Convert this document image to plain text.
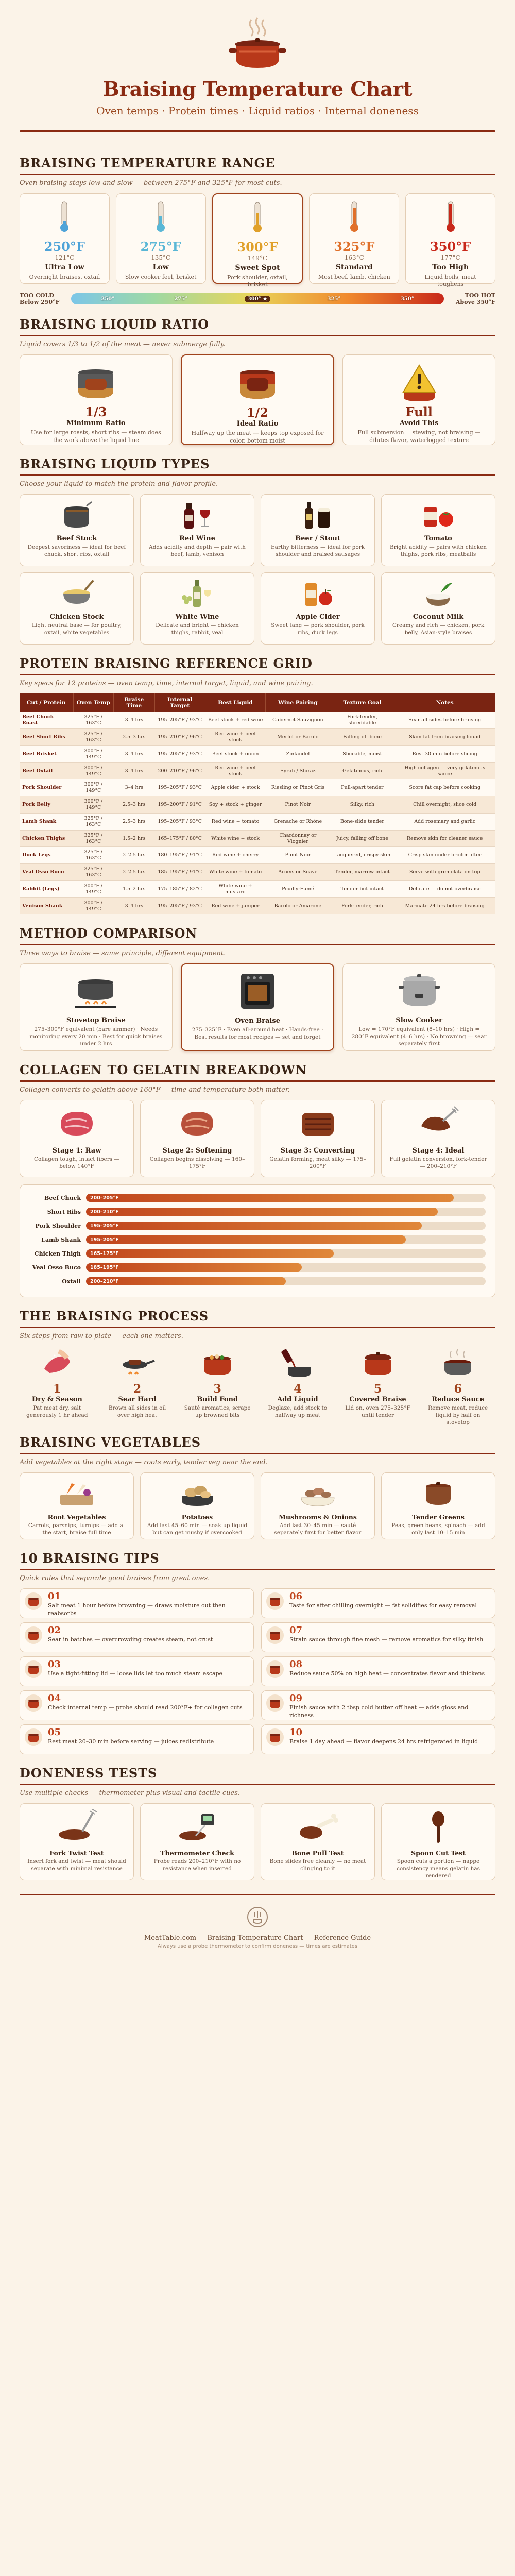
Braising Temperature Chart
Oven temps · Protein times · Liquid ratios · Internal doneness
BRAISING TEMPERATURE RANGE
Oven braising stays low and slow — between 275°F and 325°F for most cuts.
250°F
121°C
Ultra Low
Overnight braises, oxtail
275°F
135°C
Low
Slow cooker feel, brisket
300°F
149°C
Sweet Spot
Pork shoulder, oxtail, brisket
325°F
163°C
Standard
Most beef, lamb, chicken
350°F
177°C
Too High
Liquid boils, meat toughens
TOO COLD Below 250°F	250°	275°	300° ★	325°	350°
TOO HOT Above 350°F
BRAISING LIQUID RATIO
Liquid covers 1/3 to 1/2 of the meat — never submerge fully.
1/3
Minimum Ratio
Use for large roasts, short ribs — steam does the work above the liquid line
1/2
Ideal Ratio
Halfway up the meat — keeps top exposed for color, bottom moist
Full
Avoid This
Full submersion = stewing, not braising — dilutes flavor, waterlogged texture
BRAISING LIQUID TYPES
Choose your liquid to match the protein and flavor profile.
Beef Stock
Deepest savoriness — ideal for beef chuck, short ribs, oxtail
Red Wine
Adds acidity and depth — pair with beef, lamb, venison
Beer / Stout
Earthy bitterness — ideal for pork shoulder and braised sausages
Tomato
Bright acidity — pairs with chicken thighs, pork ribs, meatballs
Chicken Stock
Light neutral base — for poultry, oxtail, white vegetables
White Wine
Delicate and bright — chicken thighs, rabbit, veal
Apple Cider
Sweet tang — pork shoulder, pork ribs, duck legs
Coconut Milk
Creamy and rich — chicken, pork belly, Asian-style braises
PROTEIN BRAISING REFERENCE GRID
Key specs for 12 proteins — oven temp, time, internal target, liquid, and wine pairing.
Cut / Protein	Oven Temp	Braise Time	Internal Target	Best Liquid	Wine Pairing	Texture Goal	Notes
Beef Chuck Roast	325°F / 163°C	3–4 hrs	195–205°F / 93°C	Beef stock + red wine	Cabernet Sauvignon	Fork-tender, shreddable	Sear all sides before braising
Beef Short Ribs	325°F / 163°C	2.5–3 hrs	195–210°F / 96°C	Red wine + beef stock	Merlot or Barolo	Falling off bone	Skim fat from braising liquid
Beef Brisket	300°F / 149°C	3–4 hrs	195–205°F / 93°C	Beef stock + onion	Zinfandel	Sliceable, moist	Rest 30 min before slicing
Beef Oxtail	300°F / 149°C	3–4 hrs	200–210°F / 96°C	Red wine + beef stock	Syrah / Shiraz	Gelatinous, rich	High collagen — very gelatinous sauce
Pork Shoulder	300°F / 149°C	3–4 hrs	195–205°F / 93°C	Apple cider + stock	Riesling or Pinot Gris	Pull-apart tender	Score fat cap before cooking
Pork Belly	300°F / 149°C	2.5–3 hrs	195–200°F / 91°C	Soy + stock + ginger	Pinot Noir	Silky, rich	Chill overnight, slice cold
Lamb Shank	325°F / 163°C	2.5–3 hrs	195–205°F / 93°C	Red wine + tomato	Grenache or Rhône	Bone-slide tender	Add rosemary and garlic
Chicken Thighs	325°F / 163°C	1.5–2 hrs	165–175°F / 80°C	White wine + stock	Chardonnay or Viognier	Juicy, falling off bone	Remove skin for cleaner sauce
Duck Legs	325°F / 163°C	2–2.5 hrs	180–195°F / 91°C	Red wine + cherry	Pinot Noir	Lacquered, crispy skin	Crisp skin under broiler after
Veal Osso Buco	325°F / 163°C	2–2.5 hrs	185–195°F / 91°C	White wine + tomato	Arneis or Soave	Tender, marrow intact	Serve with gremolata on top
Rabbit (Legs)	300°F / 149°C	1.5–2 hrs	175–185°F / 82°C	White wine + mustard	Pouilly-Fumé	Tender but intact	Delicate — do not overbraise
Venison Shank	300°F / 149°C	3–4 hrs	195–205°F / 93°C	Red wine + juniper	Barolo or Amarone	Fork-tender, rich	Marinate 24 hrs before braising
METHOD COMPARISON
Three ways to braise — same principle, different equipment.
Stovetop Braise
275–300°F equivalent (bare simmer) · Needs monitoring every 20 min · Best for quick braises under 2 hrs
Oven Braise
275–325°F · Even all-around heat · Hands-free · Best results for most recipes — set and forget
Slow Cooker
Low = 170°F equivalent (8–10 hrs) · High = 280°F equivalent (4–6 hrs) · No browning — sear separately first
COLLAGEN TO GELATIN BREAKDOWN
Collagen converts to gelatin above 160°F — time and temperature both matter.
Stage 1: Raw
Collagen tough, intact fibers — below 140°F
Stage 2: Softening
Collagen begins dissolving — 160–175°F
Stage 3: Converting
Gelatin forming, meat silky — 175–200°F
Stage 4: Ideal
Full gelatin conversion, fork-tender — 200–210°F
Beef Chuck	200–205°F
Short Ribs	200–210°F
Pork Shoulder	195–205°F
Lamb Shank	195–205°F
Chicken Thigh	165–175°F
Veal Osso Buco	185–195°F
Oxtail	200–210°F
THE BRAISING PROCESS
Six steps from raw to plate — each one matters.
1
Dry & Season
Pat meat dry, salt generously 1 hr ahead
2
Sear Hard
Brown all sides in oil over high heat
3
Build Fond
Sauté aromatics, scrape up browned bits
4
Add Liquid
Deglaze, add stock to halfway up meat
5
Covered Braise
Lid on, oven 275–325°F until tender
6
Reduce Sauce
Remove meat, reduce liquid by half on stovetop
BRAISING VEGETABLES
Add vegetables at the right stage — roots early, tender veg near the end.
Root Vegetables
Carrots, parsnips, turnips — add at the start, braise full time
Potatoes
Add last 45–60 min — soak up liquid but can get mushy if overcooked
Mushrooms & Onions
Add last 30–45 min — sauté separately first for better flavor
Tender Greens
Peas, green beans, spinach — add only last 10–15 min
10 BRAISING TIPS
Quick rules that separate good braises from great ones.
01
Salt meat 1 hour before browning — draws moisture out then reabsorbs
06
Taste for after chilling overnight — fat solidifies for easy removal
02
Sear in batches — overcrowding creates steam, not crust
07
Strain sauce through fine mesh — remove aromatics for silky finish
03
Use a tight-fitting lid — loose lids let too much steam escape
08
Reduce sauce 50% on high heat — concentrates flavor and thickens
04
Check internal temp — probe should read 200°F+ for collagen cuts
09
Finish sauce with 2 tbsp cold butter off heat — adds gloss and richness
05
Rest meat 20–30 min before serving — juices redistribute
10
Braise 1 day ahead — flavor deepens 24 hrs refrigerated in liquid
DONENESS TESTS
Use multiple checks — thermometer plus visual and tactile cues.
Fork Twist Test
Insert fork and twist — meat should separate with minimal resistance
Thermometer Check
Probe reads 200–210°F with no resistance when inserted
Bone Pull Test
Bone slides free cleanly — no meat clinging to it
Spoon Cut Test
Spoon cuts a portion — nappe consistency means gelatin has rendered
MeatTable.com — Braising Temperature Chart — Reference Guide
Always use a probe thermometer to confirm doneness — times are estimates
